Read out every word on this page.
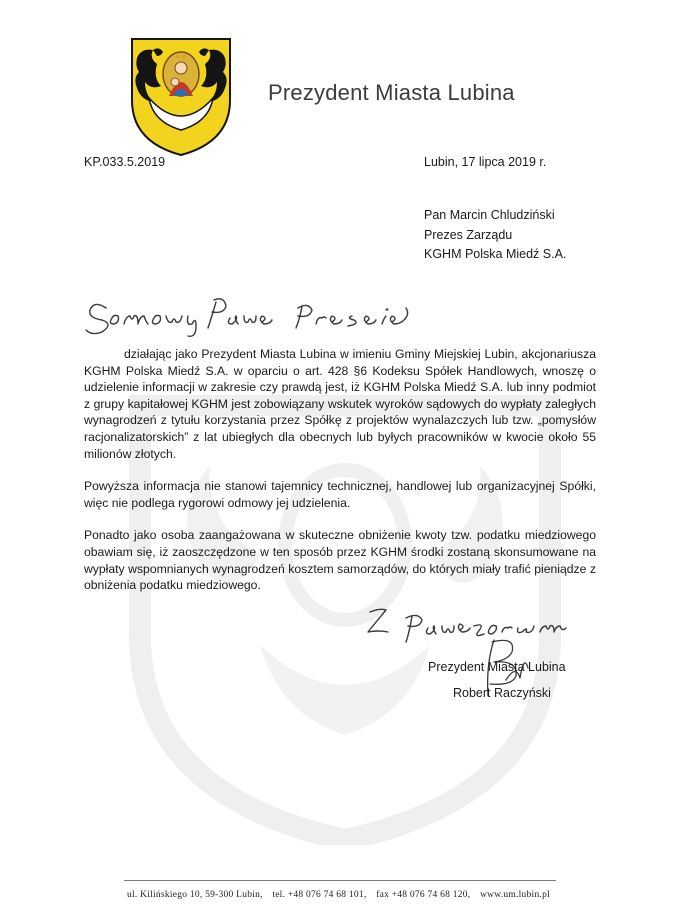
Prezydent Miasta Lubina
KP.033.5.2019	Lubin, 17 lipca 2019 r.
Pan Marcin Chludziński
Prezes Zarządu
KGHM Polska Miedź S.A.

działając jako Prezydent Miasta Lubina w imieniu Gminy Miejskiej Lubin, akcjonariusza KGHM Polska Miedź S.A. w oparciu o art. 428 §6 Kodeksu Spółek Handlowych, wnoszę o udzielenie informacji w zakresie czy prawdą jest, iż KGHM Polska Miedź S.A. lub inny podmiot z grupy kapitałowej KGHM jest zobowiązany wskutek wyroków sądowych do wypłaty zaległych wynagrodzeń z tytułu korzystania przez Spółkę z projektów wynalazczych lub tzw. „pomysłów racjonalizatorskich” z lat ubiegłych dla obecnych lub byłych pracowników w kwocie około 55 milionów złotych.

Powyższa informacja nie stanowi tajemnicy technicznej, handlowej lub organizacyjnej Spółki, więc nie podlega rygorowi odmowy jej udzielenia.

Ponadto jako osoba zaangażowana w skuteczne obniżenie kwoty tzw. podatku miedziowego obawiam się, iż zaoszczędzone w ten sposób przez KGHM środki zostaną skonsumowane na wypłaty wspomnianych wynagrodzeń kosztem samorządów, do których miały trafić pieniądze z obniżenia podatku miedziowego.

Prezydent Miasta Lubina
Robert Raczyński
ul. Kilińskiego 10, 59-300 Lubin, tel. +48 076 74 68 101, fax +48 076 74 68 120, www.um.lubin.pl
